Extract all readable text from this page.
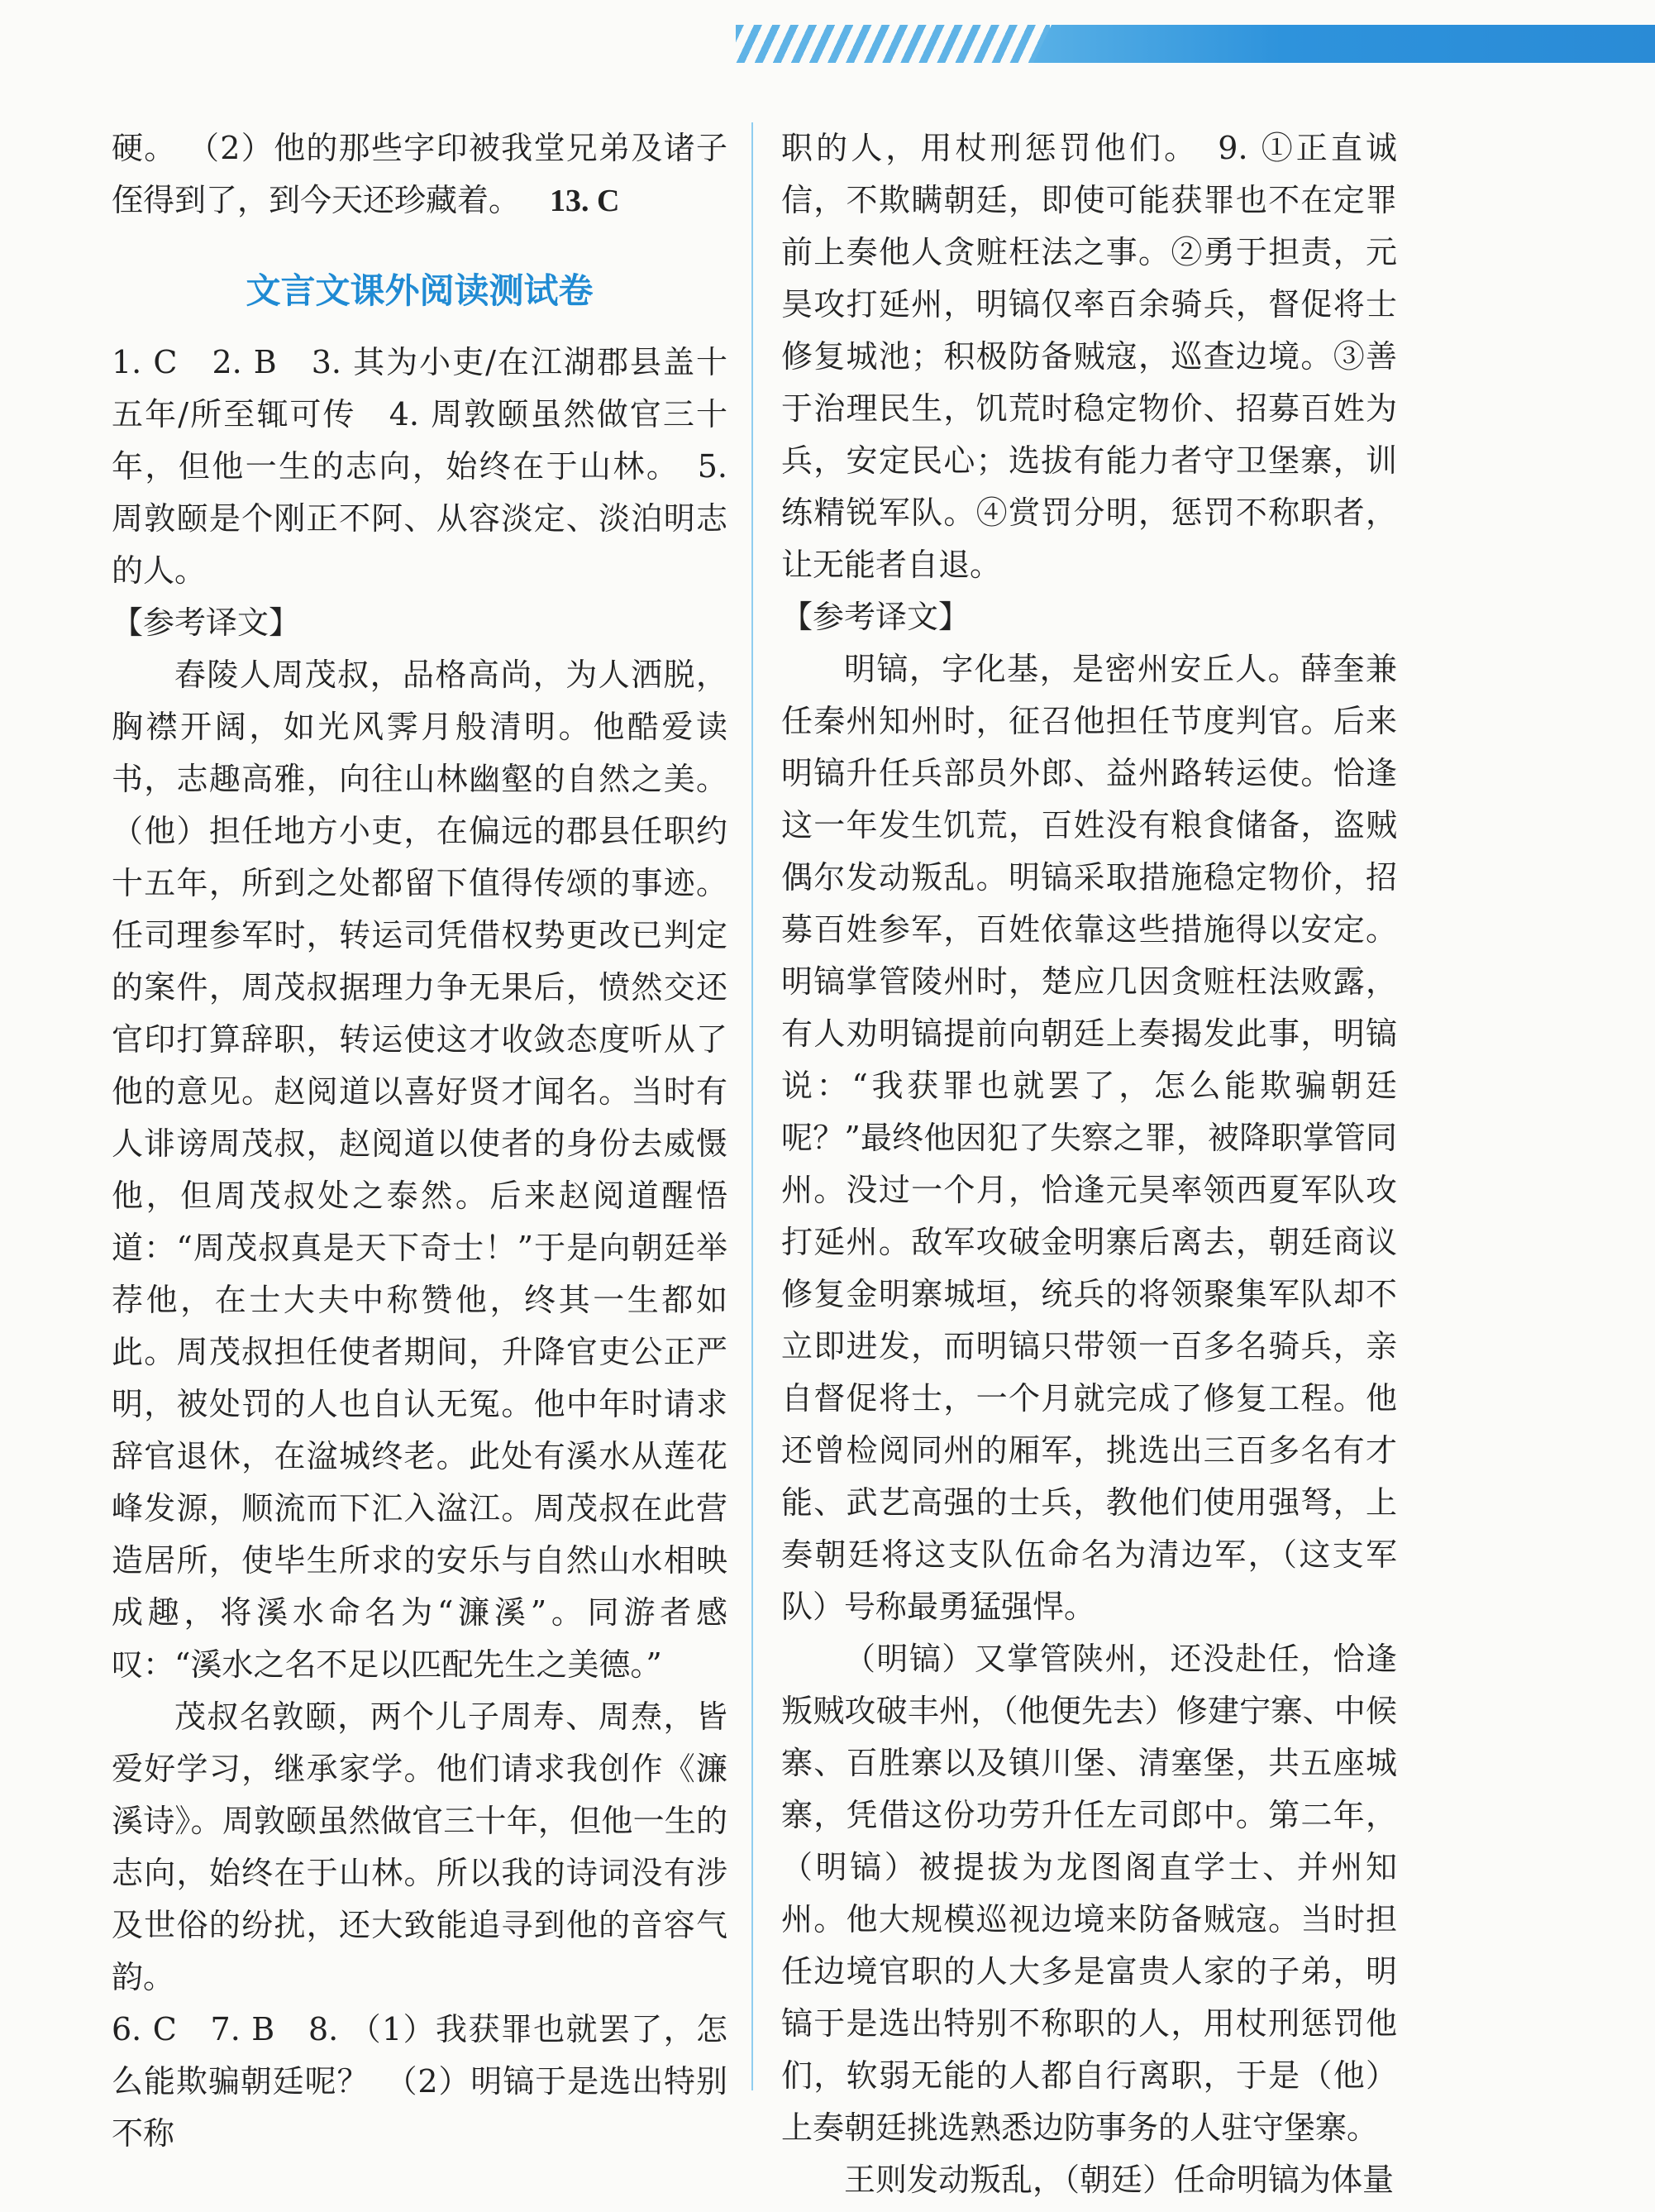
硬。 （2）他的那些字印被我堂兄弟及诸子侄得到了，到今天还珍藏着。 13. C

文言文课外阅读测试卷

1. C　2. B　3. 其为小吏/在江湖郡县盖十五年/所至辄可传　4. 周敦颐虽然做官三十年，但他一生的志向，始终在于山林。　5. 周敦颐是个刚正不阿、从容淡定、淡泊明志的人。

【参考译文】

舂陵人周茂叔，品格高尚，为人洒脱，胸襟开阔，如光风霁月般清明。他酷爱读书，志趣高雅，向往山林幽壑的自然之美。（他）担任地方小吏，在偏远的郡县任职约十五年，所到之处都留下值得传颂的事迹。任司理参军时，转运司凭借权势更改已判定的案件，周茂叔据理力争无果后，愤然交还官印打算辞职，转运使这才收敛态度听从了他的意见。赵阅道以喜好贤才闻名。当时有人诽谤周茂叔，赵阅道以使者的身份去威慑他，但周茂叔处之泰然。后来赵阅道醒悟道：“周茂叔真是天下奇士！”于是向朝廷举荐他，在士大夫中称赞他，终其一生都如此。周茂叔担任使者期间，升降官吏公正严明，被处罚的人也自认无冤。他中年时请求辞官退休，在湓城终老。此处有溪水从莲花峰发源，顺流而下汇入湓江。周茂叔在此营造居所，使毕生所求的安乐与自然山水相映成趣，将溪水命名为“濂溪”。同游者感叹：“溪水之名不足以匹配先生之美德。”

茂叔名敦颐，两个儿子周寿、周焘，皆爱好学习，继承家学。他们请求我创作《濂溪诗》。周敦颐虽然做官三十年，但他一生的志向，始终在于山林。所以我的诗词没有涉及世俗的纷扰，还大致能追寻到他的音容气韵。

6. C　7. B　8. （1）我获罪也就罢了，怎么能欺骗朝廷呢？　（2）明镐于是选出特别不称

职的人，用杖刑惩罚他们。　9. ①正直诚信，不欺瞒朝廷，即使可能获罪也不在定罪前上奏他人贪赃枉法之事。②勇于担责，元昊攻打延州，明镐仅率百余骑兵，督促将士修复城池；积极防备贼寇，巡查边境。③善于治理民生，饥荒时稳定物价、招募百姓为兵，安定民心；选拔有能力者守卫堡寨，训练精锐军队。④赏罚分明，惩罚不称职者，让无能者自退。

【参考译文】

明镐，字化基，是密州安丘人。薛奎兼任秦州知州时，征召他担任节度判官。后来明镐升任兵部员外郎、益州路转运使。恰逢这一年发生饥荒，百姓没有粮食储备，盗贼偶尔发动叛乱。明镐采取措施稳定物价，招募百姓参军，百姓依靠这些措施得以安定。明镐掌管陵州时，楚应几因贪赃枉法败露，有人劝明镐提前向朝廷上奏揭发此事，明镐说：“我获罪也就罢了，怎么能欺骗朝廷呢？”最终他因犯了失察之罪，被降职掌管同州。没过一个月，恰逢元昊率领西夏军队攻打延州。敌军攻破金明寨后离去，朝廷商议修复金明寨城垣，统兵的将领聚集军队却不立即进发，而明镐只带领一百多名骑兵，亲自督促将士，一个月就完成了修复工程。他还曾检阅同州的厢军，挑选出三百多名有才能、武艺高强的士兵，教他们使用强弩，上奏朝廷将这支队伍命名为清边军，（这支军队）号称最勇猛强悍。

（明镐）又掌管陕州，还没赴任，恰逢叛贼攻破丰州，（他便先去）修建宁寨、中候寨、百胜寨以及镇川堡、清塞堡，共五座城寨，凭借这份功劳升任左司郎中。第二年，（明镐）被提拔为龙图阁直学士、并州知州。他大规模巡视边境来防备贼寇。当时担任边境官职的人大多是富贵人家的子弟，明镐于是选出特别不称职的人，用杖刑惩罚他们，软弱无能的人都自行离职，于是（他）上奏朝廷挑选熟悉边防事务的人驻守堡寨。

王则发动叛乱，（朝廷）任命明镐为体量
